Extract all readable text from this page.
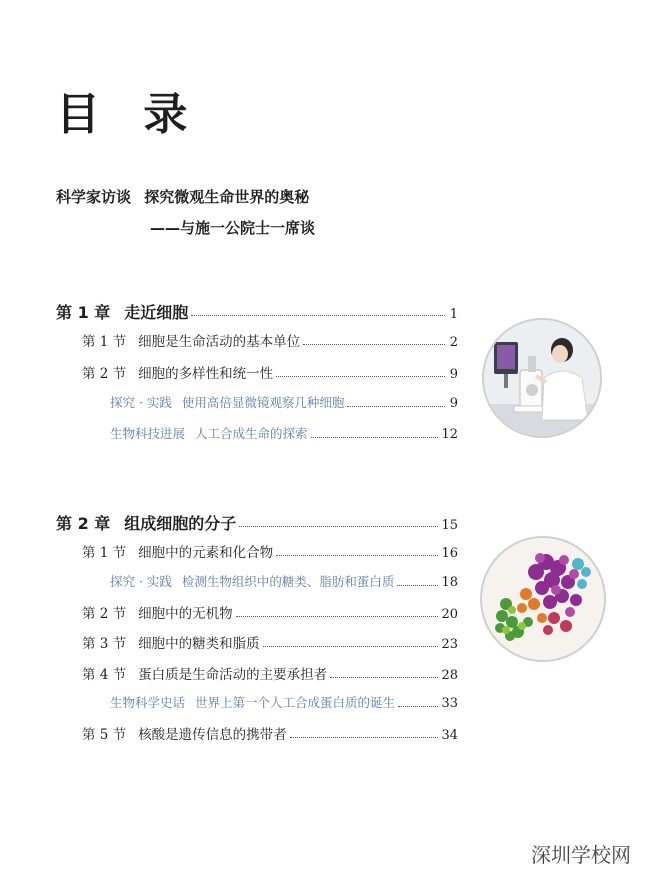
目 录
科学家访谈 探究微观生命世界的奥秘
——与施一公院士一席谈
第 1 章 走近细胞	1
第 1 节 细胞是生命活动的基本单位	2
第 2 节 细胞的多样性和统一性	9
探究 · 实践 使用高倍显微镜观察几种细胞	9
生物科技进展 人工合成生命的探索	12
第 2 章 组成细胞的分子	15
第 1 节 细胞中的元素和化合物	16
探究 · 实践 检测生物组织中的糖类、脂肪和蛋白质	18
第 2 节 细胞中的无机物	20
第 3 节 细胞中的糖类和脂质	23
第 4 节 蛋白质是生命活动的主要承担者	28
生物科学史话 世界上第一个人工合成蛋白质的诞生	33
第 5 节 核酸是遗传信息的携带者	34
深圳学校网
